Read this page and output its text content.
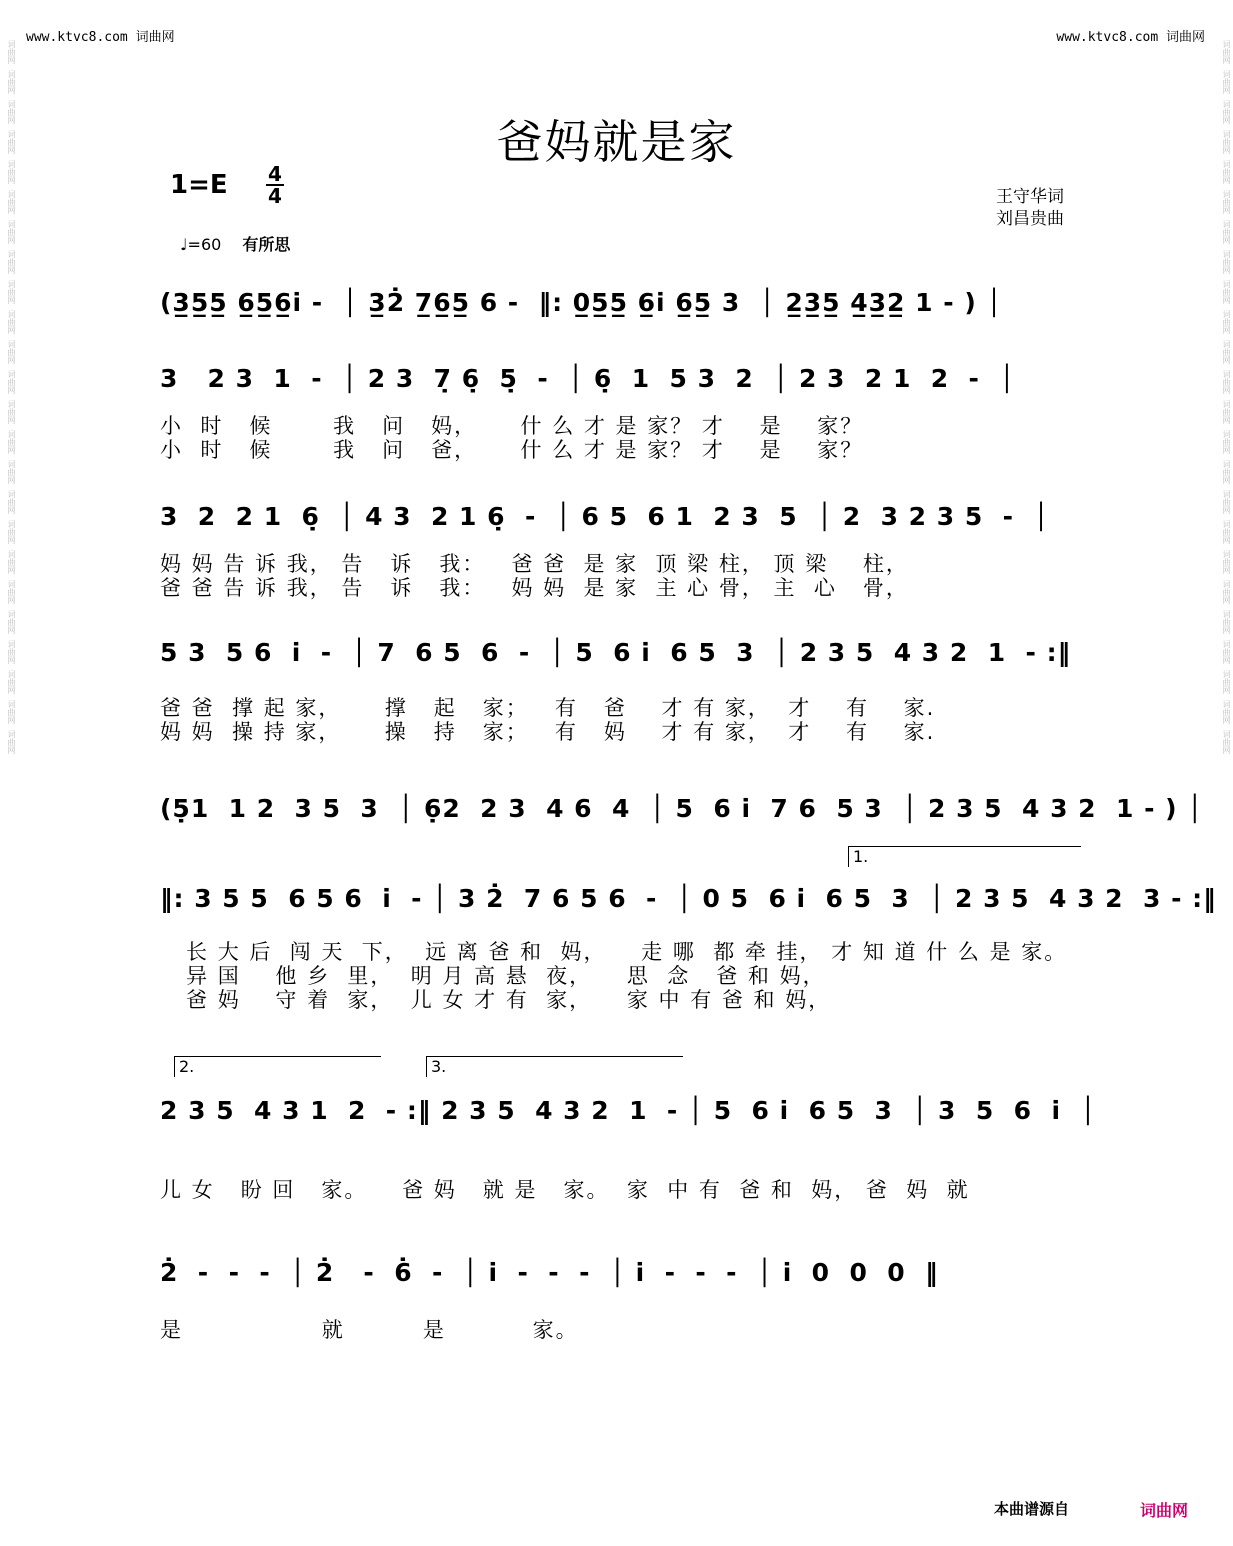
www.ktvc8.com 词曲网	www.ktvc8.com 词曲网
词曲网
词曲网
词曲网
词曲网
词曲网
词曲网
词曲网
词曲网
词曲网
词曲网
词曲网
词曲网
词曲网
词曲网
词曲网
词曲网
词曲网
词曲网
词曲网
词曲网
词曲网
词曲网
词曲网
词曲网
词曲网
词曲网
词曲网
词曲网
词曲网
词曲网
词曲网
词曲网
词曲网
词曲网
词曲网
词曲网
词曲网
词曲网
词曲网
词曲网
词曲网
词曲网
词曲网
词曲网
词曲网
词曲网
词曲网
词曲网
爸妈就是家
1=E 4
4
♩=60 有所思
王守华词
刘昌贵曲
(3̲5̲5̲ 6̲5̲6̲i̇ -  │ 3̲2̇ 7̲6̲5̲ 6 -  ‖: 0̲5̲5̲ 6̲i̇ 6̲5̲ 3  │ 2̲3̲5̲ 4̲3̲2̲ 1 - ) │
3   2 3  1  -  │ 2 3  7̣ 6̣  5̣  -  │ 6̣  1  5 3  2  │ 2 3  2 1  2  -  │
小  时   候       我   问   妈，     什 么 才 是 家？ 才    是    家？
小  时   候       我   问   爸，     什 么 才 是 家？ 才    是    家？
3  2  2 1  6̣  │ 4 3  2 1 6̣  -  │ 6 5  6 1  2 3  5  │ 2  3 2 3 5  -  │
妈 妈 告 诉 我， 告   诉   我：   爸 爸  是 家  顶 梁 柱， 顶 梁    柱，
爸 爸 告 诉 我， 告   诉   我：   妈 妈  是 家  主 心 骨， 主  心   骨，
5 3  5 6  i̇  -  │ 7  6 5  6  -  │ 5  6 i̇  6 5  3  │ 2 3 5  4 3 2  1  - :‖
爸 爸  撑 起 家，     撑   起   家；   有   爸    才 有 家，  才    有    家.
妈 妈  操 持 家，     操   持   家；   有   妈    才 有 家，  才    有    家.
(5̣1  1 2  3 5  3  │ 6̣2  2 3  4 6  4  │ 5  6 i̇  7 6  5 3  │ 2 3 5  4 3 2  1 - ) │
‖: 3 5 5  6 5 6  i̇  - │ 3 2̇  7 6 5 6  -  │ 0 5  6 i̇  6 5  3  │ 2 3 5  4 3 2  3 - :‖
长 大 后  闯 天  下，  远 离 爸 和  妈，    走 哪  都 牵 挂， 才 知 道 什 么 是 家。
异 国    他 乡  里，  明 月 高 悬  夜，    思  念   爸 和 妈，
爸 妈    守 着  家，  儿 女 才 有  家，    家 中 有 爸 和 妈，
2 3 5  4 3 1  2  - :‖ 2 3 5  4 3 2  1  - │ 5  6 i̇  6 5  3  │ 3  5  6  i̇  │
儿 女   盼 回   家。    爸 妈   就 是   家。  家  中 有  爸 和  妈， 爸  妈  就
2̇  -  -  -  │ 2̇   -  6̇  -  │ i̇  -  -  -  │ i̇  -  -  -  │ i̇  0  0  0  ‖
是                就         是          家。
1.
2.	3.
本曲谱源自	词曲网
